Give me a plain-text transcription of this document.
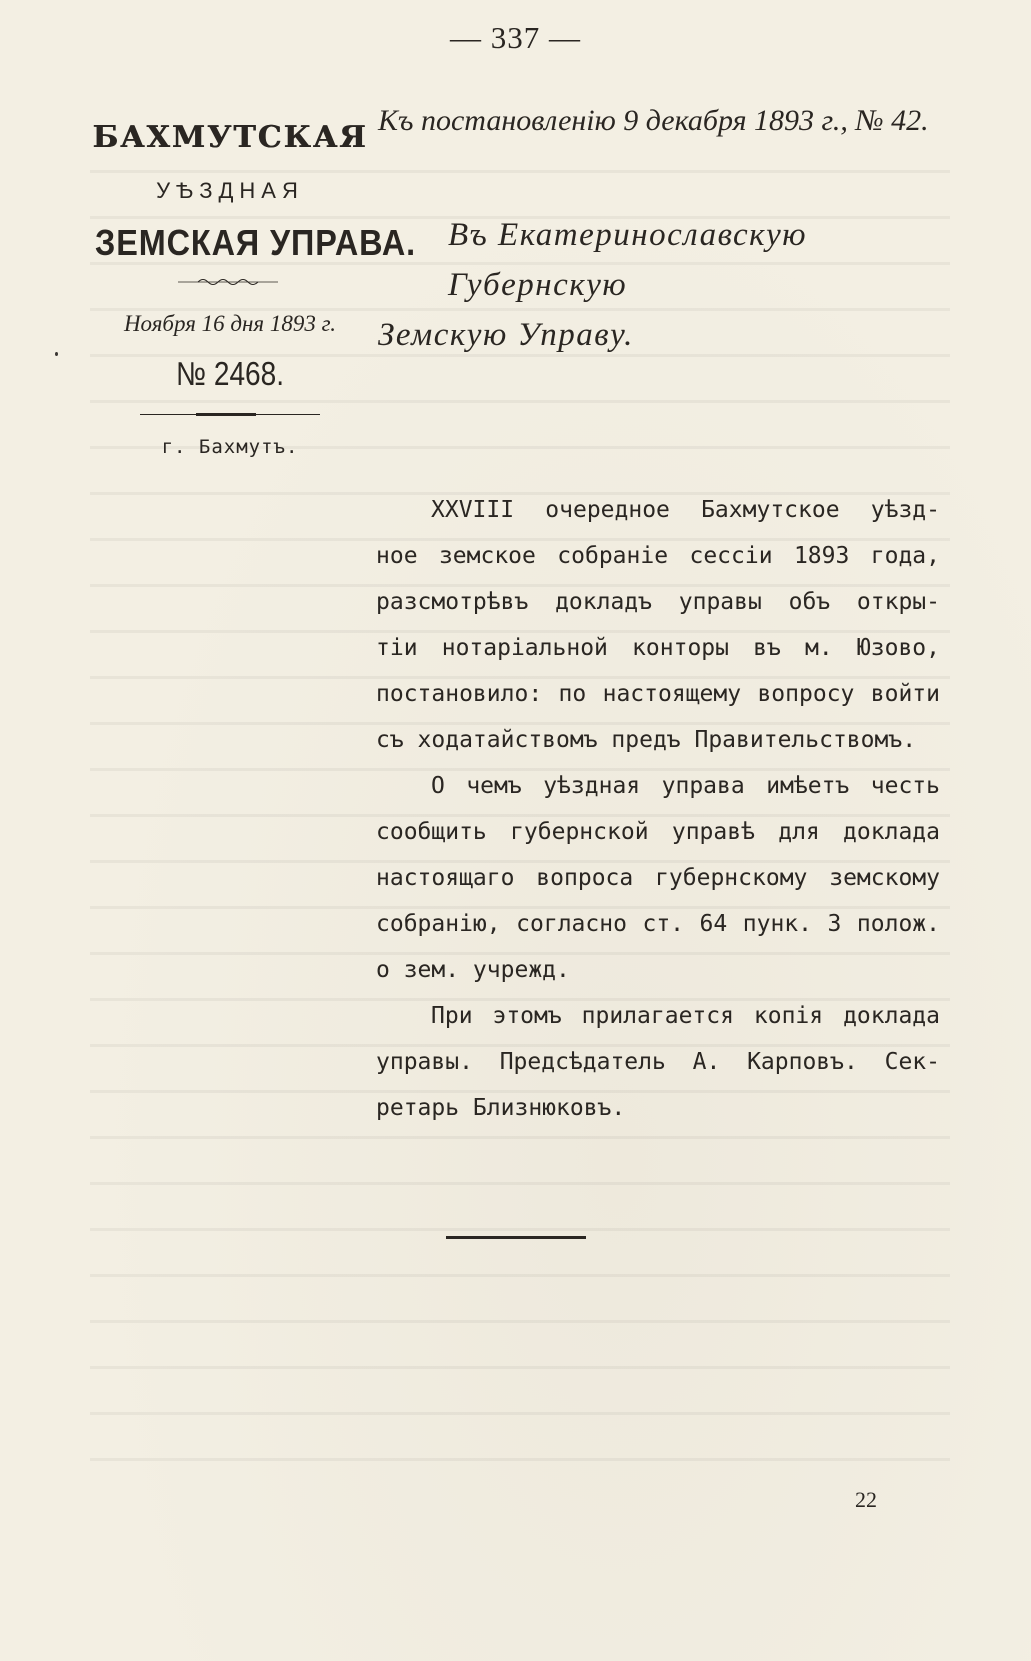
— 337 —
БАХМУТСКАЯ
УѢЗДНАЯ
ЗЕМСКАЯ УПРАВА.
Ноября 16 дня 1893 г.
№ 2468.
г. Бахмутъ.
Къ постановленію 9 декабря 1893 г., № 42.
Въ Екатеринославскую Губернскую
Земскую Управу.
XXVIII очередное Бахмутское уѣзд-
ное земское собраніе сессіи 1893 года,
разсмотрѣвъ докладъ управы объ откры-
тіи нотаріальной конторы въ м. Юзово,
постановило: по настоящему вопросу войти
съ ходатайствомъ предъ Правительствомъ.
О чемъ уѣздная управа имѣетъ честь
сообщить губернской управѣ для доклада
настоящаго вопроса губернскому земскому
собранію, согласно ст. 64 пунк. 3 полож.
о зем. учрежд.
При этомъ прилагается копія доклада
управы. Предсѣдатель А. Карповъ. Сек-
ретарь Близнюковъ.
22
